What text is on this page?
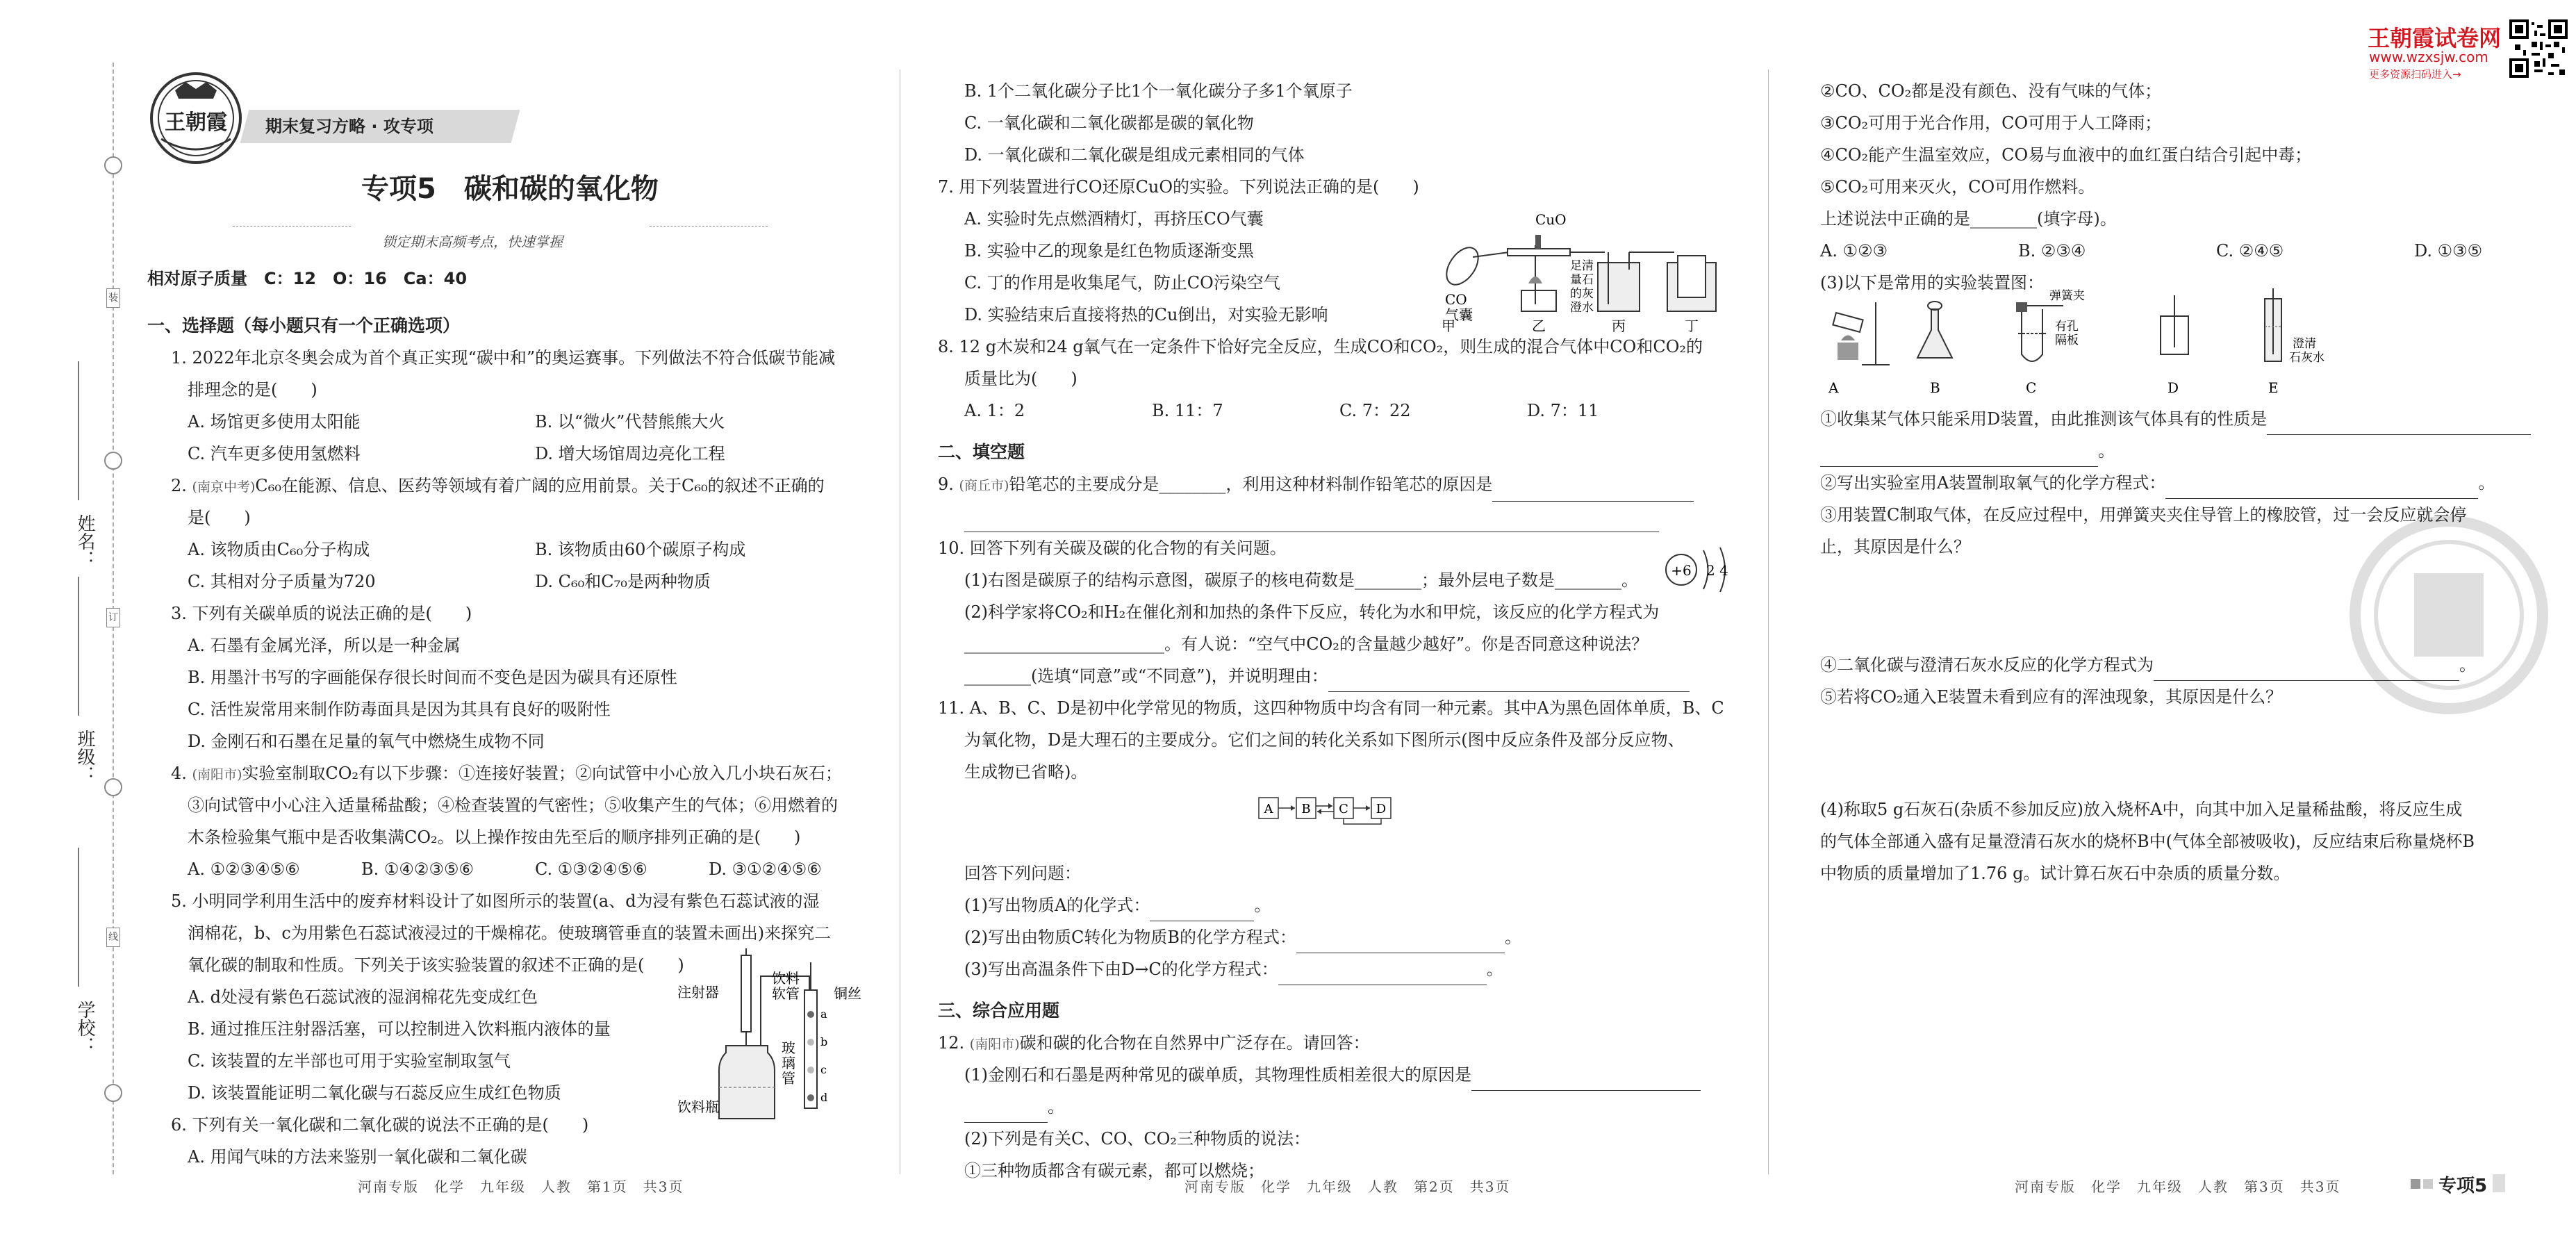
装
订
线
姓名：
班级：
学校：
王朝霞	期末复习方略 · 攻专项
专项5　碳和碳的氧化物
锁定期末高频考点，快速掌握
相对原子质量　C：12　O：16　Ca：40
一、选择题（每小题只有一个正确选项）
1. 2022年北京冬奥会成为首个真正实现“碳中和”的奥运赛事。下列做法不符合低碳节能减
排理念的是(　　)
A. 场馆更多使用太阳能	B. 以“微火”代替熊熊大火
C. 汽车更多使用氢燃料	D. 增大场馆周边亮化工程
2. (南京中考)C₆₀在能源、信息、医药等领域有着广阔的应用前景。关于C₆₀的叙述不正确的
是(　　)
A. 该物质由C₆₀分子构成	B. 该物质由60个碳原子构成
C. 其相对分子质量为720	D. C₆₀和C₇₀是两种物质
3. 下列有关碳单质的说法正确的是(　　)
A. 石墨有金属光泽，所以是一种金属
B. 用墨汁书写的字画能保存很长时间而不变色是因为碳具有还原性
C. 活性炭常用来制作防毒面具是因为其具有良好的吸附性
D. 金刚石和石墨在足量的氧气中燃烧生成物不同
4. (南阳市)实验室制取CO₂有以下步骤：①连接好装置；②向试管中小心放入几小块石灰石；
③向试管中小心注入适量稀盐酸；④检查装置的气密性；⑤收集产生的气体；⑥用燃着的
木条检验集气瓶中是否收集满CO₂。以上操作按由先至后的顺序排列正确的是(　　)
A. ①②③④⑤⑥	B. ①④②③⑤⑥	C. ①③②④⑤⑥	D. ③①②④⑤⑥
5. 小明同学利用生活中的废弃材料设计了如图所示的装置(a、d为浸有紫色石蕊试液的湿
润棉花，b、c为用紫色石蕊试液浸过的干燥棉花。使玻璃管垂直的装置未画出)来探究二
氧化碳的制取和性质。下列关于该实验装置的叙述不正确的是(　　)
A. d处浸有紫色石蕊试液的湿润棉花先变成红色
B. 通过推压注射器活塞，可以控制进入饮料瓶内液体的量
C. 该装置的左半部也可用于实验室制取氢气
D. 该装置能证明二氧化碳与石蕊反应生成红色物质
6. 下列有关一氧化碳和二氧化碳的说法不正确的是(　　)
A. 用闻气味的方法来鉴别一氧化碳和二氧化碳
注射器
饮料
软管 铜丝
玻
璃
管
饮料瓶
a
b
c
d
河南专版　化学　九年级　人教　第1页　共3页
B. 1个二氧化碳分子比1个一氧化碳分子多1个氧原子
C. 一氧化碳和二氧化碳都是碳的氧化物
D. 一氧化碳和二氧化碳是组成元素相同的气体
7. 用下列装置进行CO还原CuO的实验。下列说法正确的是(　　)
A. 实验时先点燃酒精灯，再挤压CO气囊
B. 实验中乙的现象是红色物质逐渐变黑
C. 丁的作用是收集尾气，防止CO污染空气
D. 实验结束后直接将热的Cu倒出，对实验无影响
8. 12 g木炭和24 g氧气在一定条件下恰好完全反应，生成CO和CO₂，则生成的混合气体中CO和CO₂的
质量比为(　　)
A. 1：2	B. 11：7	C. 7：22	D. 7：11
二、填空题
9. (商丘市)铅笔芯的主要成分是________，利用这种材料制作铅笔芯的原因是
10. 回答下列有关碳及碳的化合物的有关问题。
(1)右图是碳原子的结构示意图，碳原子的核电荷数是________；最外层电子数是________。
(2)科学家将CO₂和H₂在催化剂和加热的条件下反应，转化为水和甲烷，该反应的化学方程式为
________________________。有人说：“空气中CO₂的含量越少越好”。你是否同意这种说法？
________(选填“同意”或“不同意”)，并说明理由：
11. A、B、C、D是初中化学常见的物质，这四种物质中均含有同一种元素。其中A为黑色固体单质，B、C
为氧化物，D是大理石的主要成分。它们之间的转化关系如下图所示(图中反应条件及部分反应物、
生成物已省略)。
回答下列问题：
(1)写出物质A的化学式：	。
(2)写出由物质C转化为物质B的化学方程式：	。
(3)写出高温条件下由D→C的化学方程式：	。
三、综合应用题
12. (南阳市)碳和碳的化合物在自然界中广泛存在。请回答：
(1)金刚石和石墨是两种常见的碳单质，其物理性质相差很大的原因是
。
(2)下列是有关C、CO、CO₂三种物质的说法：
①三种物质都含有碳元素，都可以燃烧；
CuO
CO
气囊
甲	乙	丙	丁
足清
量石
的灰
澄水
+6 2 4
A B C D
河南专版　化学　九年级　人教　第2页　共3页
②CO、CO₂都是没有颜色、没有气味的气体；
③CO₂可用于光合作用，CO可用于人工降雨；
④CO₂能产生温室效应，CO易与血液中的血红蛋白结合引起中毒；
⑤CO₂可用来灭火，CO可用作燃料。
上述说法中正确的是________(填字母)。
A. ①②③	B. ②③④	C. ②④⑤	D. ①③⑤
(3)以下是常用的实验装置图：
A	B	C	D	E
弹簧夹
有孔
隔板	澄清
石灰水
①收集某气体只能采用D装置，由此推测该气体具有的性质是
。
②写出实验室用A装置制取氧气的化学方程式：	。
③用装置C制取气体，在反应过程中，用弹簧夹夹住导管上的橡胶管，过一会反应就会停
止，其原因是什么？
④二氧化碳与澄清石灰水反应的化学方程式为	。
⑤若将CO₂通入E装置未看到应有的浑浊现象，其原因是什么？
(4)称取5 g石灰石(杂质不参加反应)放入烧杯A中，向其中加入足量稀盐酸，将反应生成
的气体全部通入盛有足量澄清石灰水的烧杯B中(气体全部被吸收)，反应结束后称量烧杯B
中物质的质量增加了1.76 g。试计算石灰石中杂质的质量分数。
王朝霞试卷网
www.wzxsjw.com
更多资源扫码进入→
河南专版　化学　九年级　人教　第3页　共3页	专项5
